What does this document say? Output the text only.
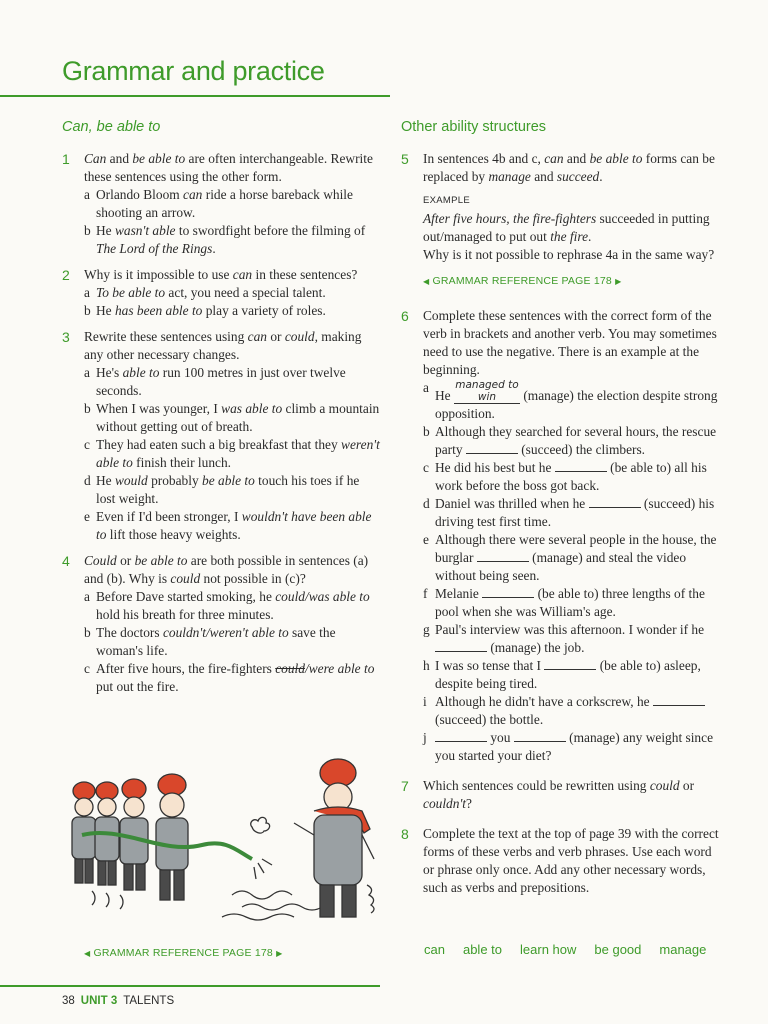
Grammar and practice
Can, be able to
1 Can and be able to are often interchangeable. Rewrite these sentences using the other form.
a Orlando Bloom can ride a horse bareback while shooting an arrow.
b He wasn't able to swordfight before the filming of The Lord of the Rings.
2 Why is it impossible to use can in these sentences?
a To be able to act, you need a special talent.
b He has been able to play a variety of roles.
3 Rewrite these sentences using can or could, making any other necessary changes.
a He's able to run 100 metres in just over twelve seconds.
b When I was younger, I was able to climb a mountain without getting out of breath.
c They had eaten such a big breakfast that they weren't able to finish their lunch.
d He would probably be able to touch his toes if he lost weight.
e Even if I'd been stronger, I wouldn't have been able to lift those heavy weights.
4 Could or be able to are both possible in sentences (a) and (b). Why is could not possible in (c)?
a Before Dave started smoking, he could/was able to hold his breath for three minutes.
b The doctors couldn't/weren't able to save the woman's life.
c After five hours, the fire-fighters could/were able to put out the fire.
◀ GRAMMAR REFERENCE PAGE 178 ▶
Other ability structures
5 In sentences 4b and c, can and be able to forms can be replaced by manage and succeed.
EXAMPLE
After five hours, the fire-fighters succeeded in putting out/managed to put out the fire.
Why is it not possible to rephrase 4a in the same way?
◀ GRAMMAR REFERENCE PAGE 178 ▶
6 Complete these sentences with the correct form of the verb in brackets and another verb. You may sometimes need to use the negative. There is an example at the beginning.
a
He managed to win (manage) the election despite strong opposition.
b Although they searched for several hours, the rescue party	(succeed) the climbers.
c He did his best but he	(be able to) all his work before the boss got back.
d Daniel was thrilled when he	(succeed) his driving test first time.
e Although there were several people in the house, the burglar	(manage) and steal the video without being seen.
f Melanie	(be able to) three lengths of the pool when she was William's age.
g Paul's interview was this afternoon. I wonder if he  (manage) the job.
h I was so tense that I	(be able to) asleep, despite being tired.
i Although he didn't have a corkscrew, he  (succeed) the bottle.
j	you	(manage) any weight since you started your diet?
7 Which sentences could be rewritten using could or couldn't?
8 Complete the text at the top of page 39 with the correct forms of these verbs and verb phrases. Use each word or phrase only once. Add any other necessary words, such as verbs and prepositions.
can able to learn how be good manage
38 UNIT 3 TALENTS
